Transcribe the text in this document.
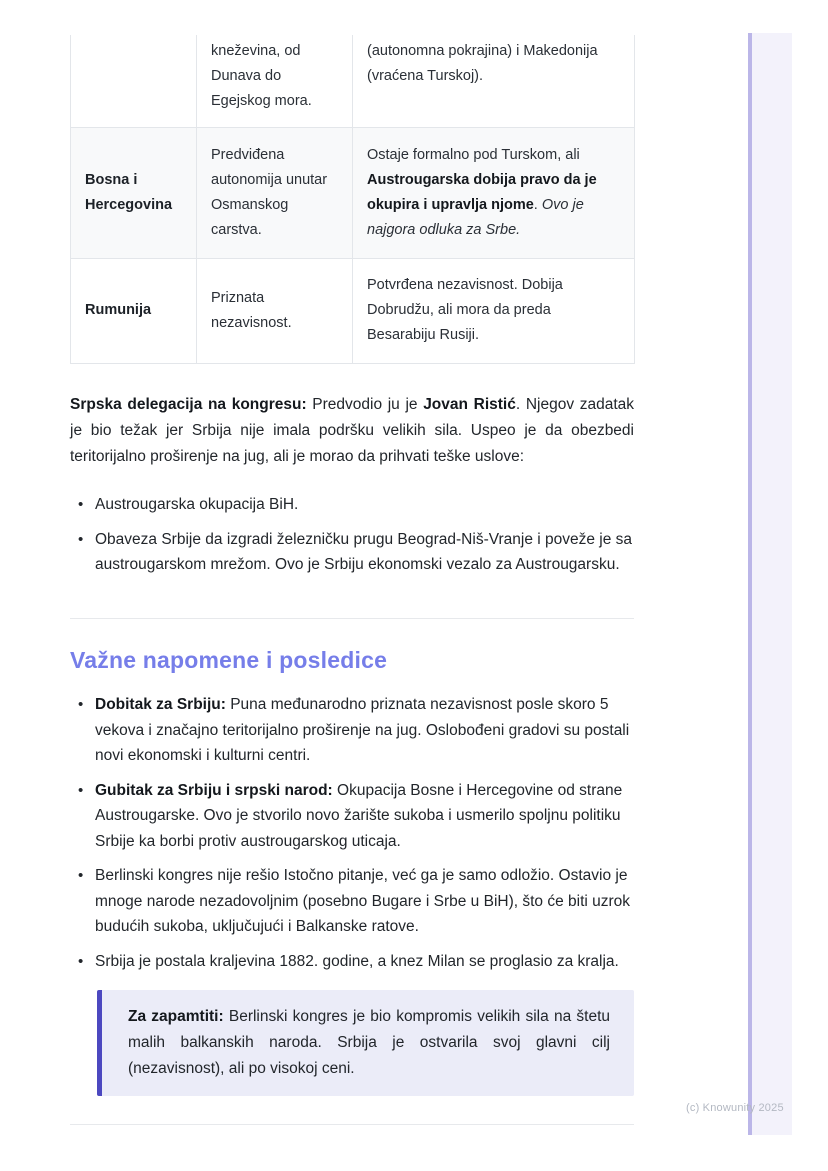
	kneževina, od Dunava do Egejskog mora.	(autonomna pokrajina) i Makedonija (vraćena Turskoj).
Bosna i Hercegovina	Predviđena autonomija unutar Osmanskog carstva.	Ostaje formalno pod Turskom, ali Austrougarska dobija pravo da je okupira i upravlja njome. Ovo je najgora odluka za Srbe.
Rumunija	Priznata nezavisnost.	Potvrđena nezavisnost. Dobija Dobrudžu, ali mora da preda Besarabiju Rusiji.

Srpska delegacija na kongresu: Predvodio ju je Jovan Ristić. Njegov zadatak je bio težak jer Srbija nije imala podršku velikih sila. Uspeo je da obezbedi teritorijalno proširenje na jug, ali je morao da prihvati teške uslove:

• Austrougarska okupacija BiH.
• Obaveza Srbije da izgradi železničku prugu Beograd-Niš-Vranje i poveže je sa austrougarskom mrežom. Ovo je Srbiju ekonomski vezalo za Austrougarsku.
Važne napomene i posledice
• Dobitak za Srbiju: Puna međunarodno priznata nezavisnost posle skoro 5 vekova i značajno teritorijalno proširenje na jug. Oslobođeni gradovi su postali novi ekonomski i kulturni centri.
• Gubitak za Srbiju i srpski narod: Okupacija Bosne i Hercegovine od strane Austrougarske. Ovo je stvorilo novo žarište sukoba i usmerilo spoljnu politiku Srbije ka borbi protiv austrougarskog uticaja.
• Berlinski kongres nije rešio Istočno pitanje, već ga je samo odložio. Ostavio je mnoge narode nezadovoljnim (posebno Bugare i Srbe u BiH), što će biti uzrok budućih sukoba, uključujući i Balkanske ratove.
• Srbija je postala kraljevina 1882. godine, a knez Milan se proglasio za kralja.
Za zapamtiti: Berlinski kongres je bio kompromis velikih sila na štetu malih balkanskih naroda. Srbija je ostvarila svoj glavni cilj (nezavisnost), ali po visokoj ceni.
(c) Knowunity 2025
